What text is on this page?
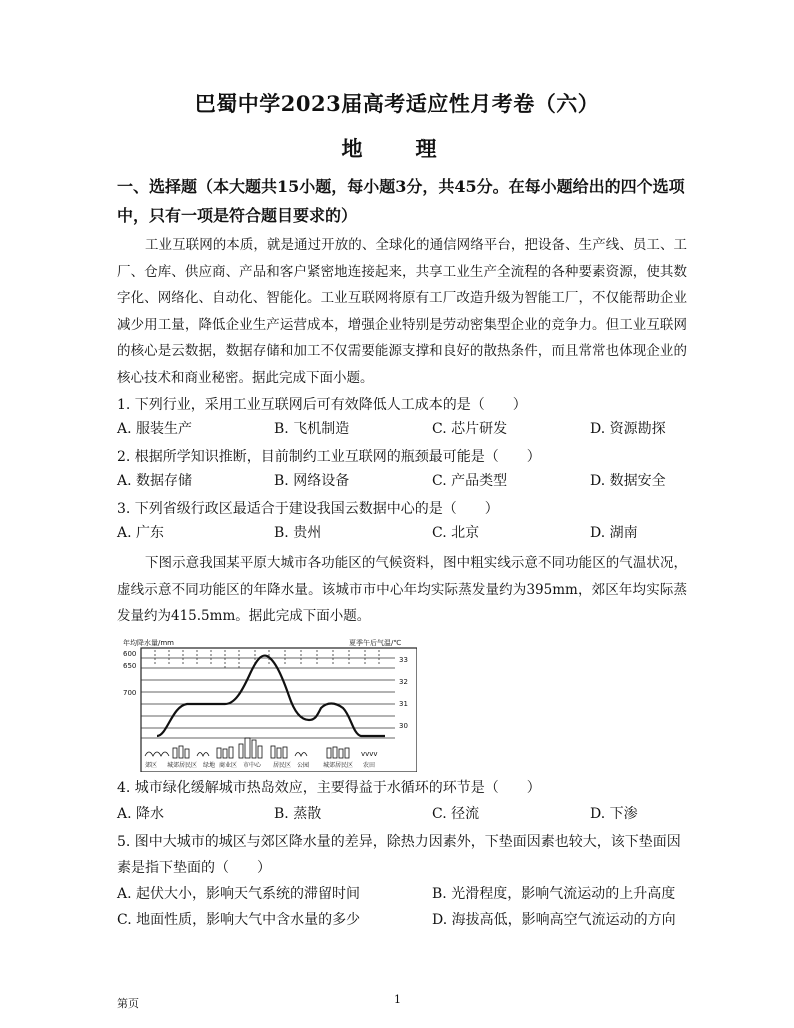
巴蜀中学2023届高考适应性月考卷（六）
地　理
一、选择题（本大题共15小题，每小题3分，共45分。在每小题给出的四个选项中，只有一项是符合题目要求的）
工业互联网的本质，就是通过开放的、全球化的通信网络平台，把设备、生产线、员工、工厂、仓库、供应商、产品和客户紧密地连接起来，共享工业生产全流程的各种要素资源，使其数字化、网络化、自动化、智能化。工业互联网将原有工厂改造升级为智能工厂，不仅能帮助企业减少用工量，降低企业生产运营成本，增强企业特别是劳动密集型企业的竞争力。但工业互联网的核心是云数据，数据存储和加工不仅需要能源支撑和良好的散热条件，而且常常也体现企业的核心技术和商业秘密。据此完成下面小题。
1. 下列行业，采用工业互联网后可有效降低人工成本的是（　　）
A. 服装生产	B. 飞机制造	C. 芯片研发	D. 资源勘探
2. 根据所学知识推断，目前制约工业互联网的瓶颈最可能是（　　）
A. 数据存储	B. 网络设备	C. 产品类型	D. 数据安全
3. 下列省级行政区最适合于建设我国云数据中心的是（　　）
A. 广东	B. 贵州	C. 北京	D. 湖南
下图示意我国某平原大城市各功能区的气候资料，图中粗实线示意不同功能区的气温状况，虚线示意不同功能区的年降水量。该城市市中心年均实际蒸发量约为395mm，郊区年均实际蒸发量约为415.5mm。据此完成下面小题。
vvvv
年均降水量/mm	夏季午后气温/℃
600
650
700
33
32
31
30
郊区 城郊居民区 绿地 商业区 市中心 居民区 公园 城郊居民区 农田
4. 城市绿化缓解城市热岛效应，主要得益于水循环的环节是（　　）
A. 降水	B. 蒸散	C. 径流	D. 下渗
5. 图中大城市的城区与郊区降水量的差异，除热力因素外，下垫面因素也较大，该下垫面因素是指下垫面的（　　）
A. 起伏大小，影响天气系统的滞留时间	B. 光滑程度，影响气流运动的上升高度
C. 地面性质，影响大气中含水量的多少	D. 海拔高低，影响高空气流运动的方向
第页	1
